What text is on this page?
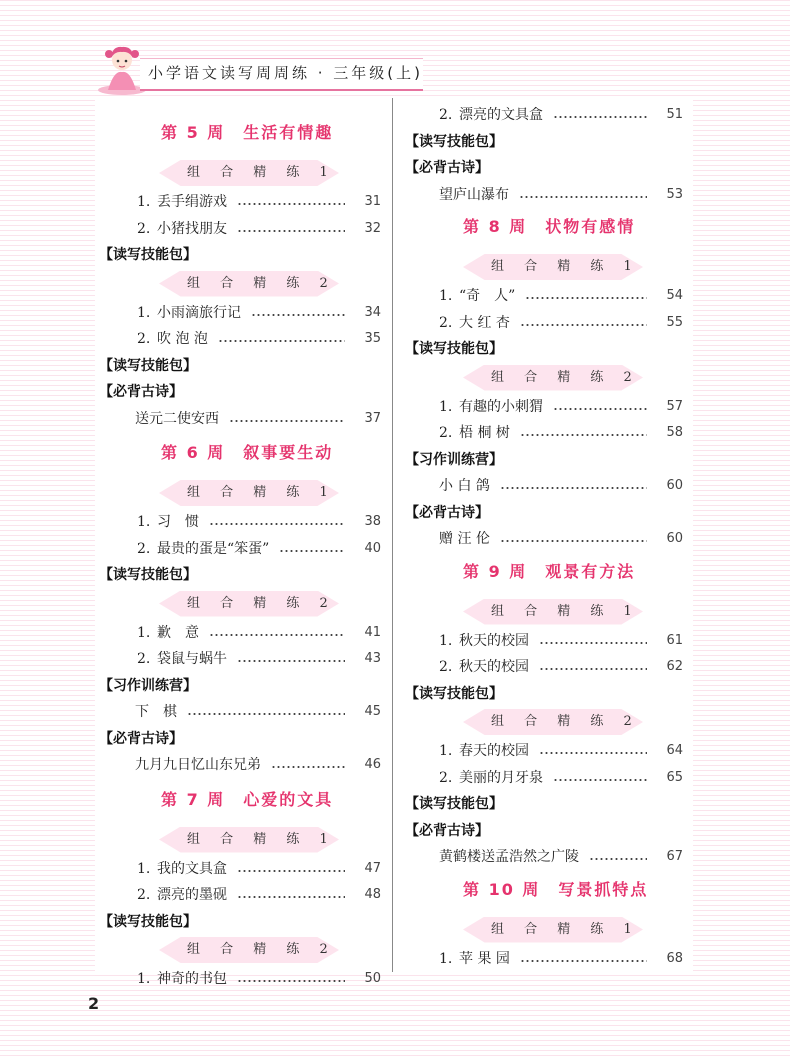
小学语文读写周周练 · 三年级(上)
第 5 周　生活有情趣
组 合 精 练 1
1. 丢手绢游戏	31
2. 小猪找朋友	32
【读写技能包】
组 合 精 练 2
1. 小雨滴旅行记	34
2. 吹 泡 泡	35
【读写技能包】
【必背古诗】
送元二使安西	37
第 6 周　叙事要生动
组 合 精 练 1
1. 习　惯	38
2. 最贵的蛋是“笨蛋”	40
【读写技能包】
组 合 精 练 2
1. 歉　意	41
2. 袋鼠与蜗牛	43
【习作训练营】
下　棋	45
【必背古诗】
九月九日忆山东兄弟	46
第 7 周　心爱的文具
组 合 精 练 1
1. 我的文具盒	47
2. 漂亮的墨砚	48
【读写技能包】
组 合 精 练 2
1. 神奇的书包	50
2. 漂亮的文具盒	51
【读写技能包】
【必背古诗】
望庐山瀑布	53
第 8 周　状物有感情
组 合 精 练 1
1. “奇　人”	54
2. 大 红 杏	55
【读写技能包】
组 合 精 练 2
1. 有趣的小刺猬	57
2. 梧 桐 树	58
【习作训练营】
小 白 鸽	60
【必背古诗】
赠 汪 伦	60
第 9 周　观景有方法
组 合 精 练 1
1. 秋天的校园	61
2. 秋天的校园	62
【读写技能包】
组 合 精 练 2
1. 春天的校园	64
2. 美丽的月牙泉	65
【读写技能包】
【必背古诗】
黄鹤楼送孟浩然之广陵	67
第 10 周　写景抓特点
组 合 精 练 1
1. 苹 果 园	68
2
